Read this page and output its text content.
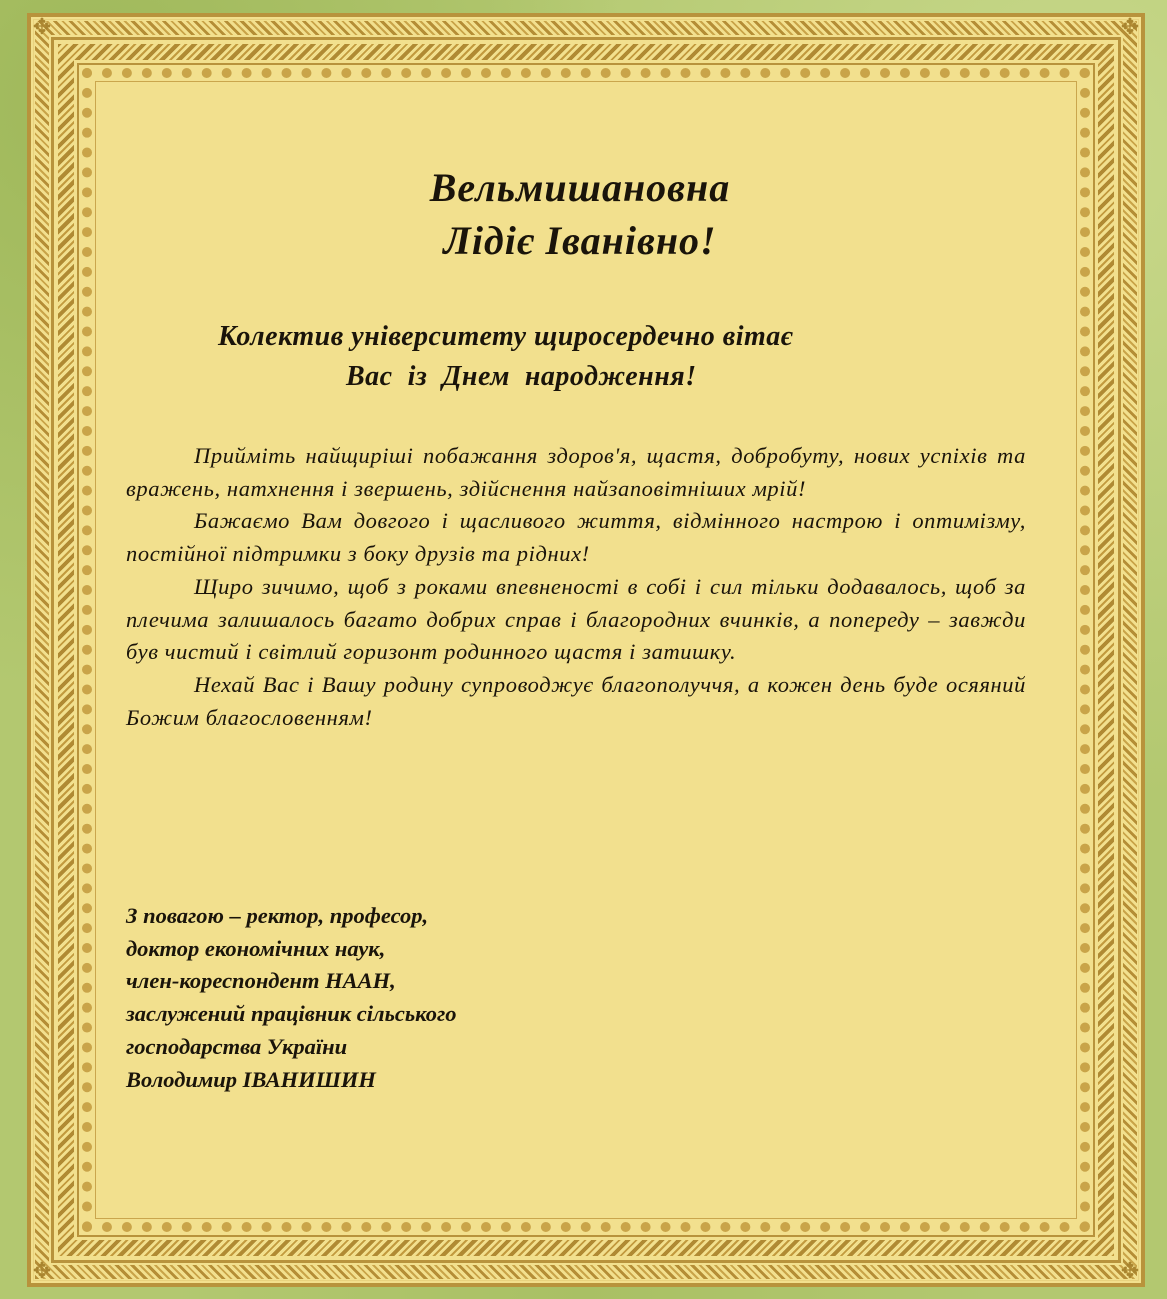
✥	✥
✥	✥
Вельмишановна
Лідіє Іванівно!
Колектив університету щиросердечно вітає
Вас  із  Днем  народження!

Прийміть найщиріші побажання здоров'я, щастя, добробуту, нових успіхів та вражень, натхнення і звершень, здійснення найзаповітніших мрій!

Бажаємо Вам довгого і щасливого життя, відмінного настрою і оптимізму, постійної підтримки з боку друзів та рідних!

Щиро зичимо, щоб з роками впевненості в собі і сил тільки додавалось, щоб за плечима залишалось багато добрих справ і благородних вчинків, а попереду – завжди був чистий і світлий горизонт родинного щастя і затишку.

Нехай Вас і Вашу родину супроводжує благополуччя, а кожен день буде осяяний Божим благословенням!

З повагою – ректор, професор,
доктор економічних наук,
член-кореспондент НААН,
заслужений працівник сільського
господарства України
Володимир ІВАНИШИН
